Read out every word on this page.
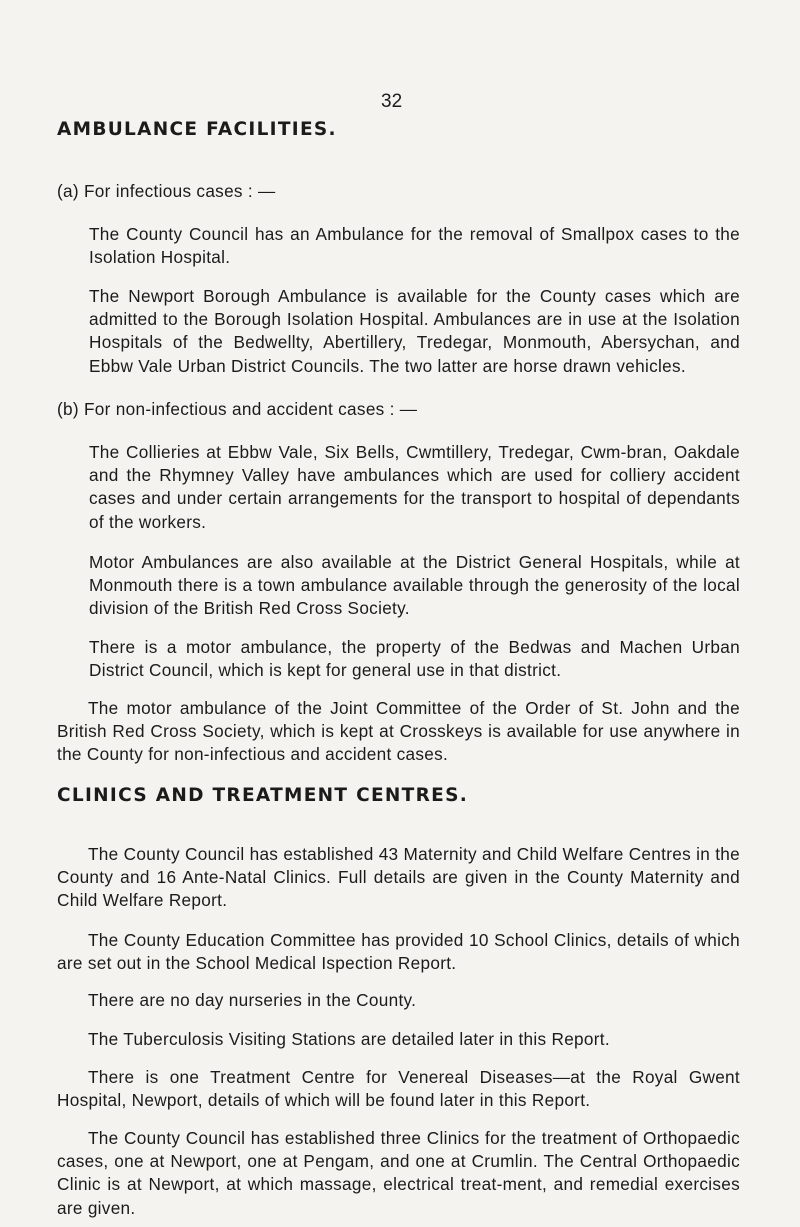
32
AMBULANCE FACILITIES.
(a) For infectious cases : —

The County Council has an Ambulance for the removal of Smallpox cases to the Isolation Hospital.

The Newport Borough Ambulance is available for the County cases which are admitted to the Borough Isolation Hospital. Ambulances are in use at the Isolation Hospitals of the Bedwellty, Abertillery, Tredegar, Monmouth, Abersychan, and Ebbw Vale Urban District Councils. The two latter are horse drawn vehicles.

(b) For non-infectious and accident cases : —

The Collieries at Ebbw Vale, Six Bells, Cwmtillery, Tredegar, Cwm-bran, Oakdale and the Rhymney Valley have ambulances which are used for colliery accident cases and under certain arrangements for the transport to hospital of dependants of the workers.

Motor Ambulances are also available at the District General Hospitals, while at Monmouth there is a town ambulance available through the generosity of the local division of the British Red Cross Society.

There is a motor ambulance, the property of the Bedwas and Machen Urban District Council, which is kept for general use in that district.

The motor ambulance of the Joint Committee of the Order of St. John and the British Red Cross Society, which is kept at Crosskeys is available for use anywhere in the County for non-infectious and accident cases.

CLINICS AND TREATMENT CENTRES.

The County Council has established 43 Maternity and Child Welfare Centres in the County and 16 Ante-Natal Clinics. Full details are given in the County Maternity and Child Welfare Report.

The County Education Committee has provided 10 School Clinics, details of which are set out in the School Medical Ispection Report.

There are no day nurseries in the County.

The Tuberculosis Visiting Stations are detailed later in this Report.

There is one Treatment Centre for Venereal Diseases—at the Royal Gwent Hospital, Newport, details of which will be found later in this Report.

The County Council has established three Clinics for the treatment of Orthopaedic cases, one at Newport, one at Pengam, and one at Crumlin. The Central Orthopaedic Clinic is at Newport, at which massage, electrical treat-ment, and remedial exercises are given.
